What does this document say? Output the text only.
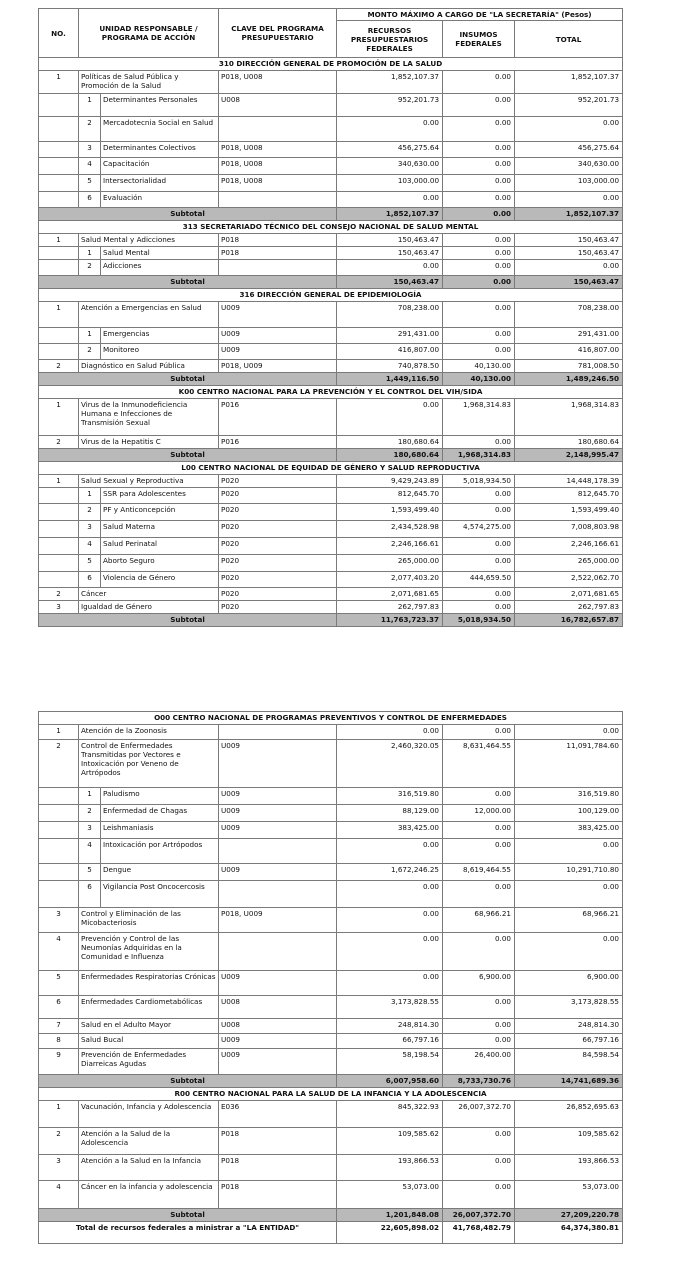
NO.	UNIDAD RESPONSABLE / PROGRAMA DE ACCIÓN		CLAVE DEL PROGRAMA PRESUPUESTARIO	MONTO MÁXIMO A CARGO DE "LA SECRETARÍA" (Pesos)		
				RECURSOS PRESUPUESTARIOS FEDERALES	INSUMOS FEDERALES	TOTAL
310 DIRECCIÓN GENERAL DE PROMOCIÓN DE LA SALUD						
1	Políticas de Salud Pública y Promoción de la Salud		P018, U008	1,852,107.37	0.00	1,852,107.37
	1	Determinantes Personales	U008	952,201.73	0.00	952,201.73
	2	Mercadotecnia Social en Salud		0.00	0.00	0.00
	3	Determinantes Colectivos	P018, U008	456,275.64	0.00	456,275.64
	4	Capacitación	P018, U008	340,630.00	0.00	340,630.00
	5	Intersectorialidad	P018, U008	103,000.00	0.00	103,000.00
	6	Evaluación		0.00	0.00	0.00
Subtotal				1,852,107.37	0.00	1,852,107.37
313 SECRETARIADO TÉCNICO DEL CONSEJO NACIONAL DE SALUD MENTAL						
1	Salud Mental y Adicciones		P018	150,463.47	0.00	150,463.47
	1	Salud Mental	P018	150,463.47	0.00	150,463.47
	2	Adicciones		0.00	0.00	0.00
Subtotal				150,463.47	0.00	150,463.47
316 DIRECCIÓN GENERAL DE EPIDEMIOLOGÍA						
1	Atención a Emergencias en Salud		U009	708,238.00	0.00	708,238.00
	1	Emergencias	U009	291,431.00	0.00	291,431.00
	2	Monitoreo	U009	416,807.00	0.00	416,807.00
2	Diagnóstico en Salud Pública		P018, U009	740,878.50	40,130.00	781,008.50
Subtotal				1,449,116.50	40,130.00	1,489,246.50
K00 CENTRO NACIONAL PARA LA PREVENCIÓN Y EL CONTROL DEL VIH/SIDA						
1	Virus de la Inmunodeficiencia Humana e Infecciones de Transmisión Sexual		P016	0.00	1,968,314.83	1,968,314.83
2	Virus de la Hepatitis C		P016	180,680.64	0.00	180,680.64
Subtotal				180,680.64	1,968,314.83	2,148,995.47
L00 CENTRO NACIONAL DE EQUIDAD DE GÉNERO Y SALUD REPRODUCTIVA						
1	Salud Sexual y Reproductiva		P020	9,429,243.89	5,018,934.50	14,448,178.39
	1	SSR para Adolescentes	P020	812,645.70	0.00	812,645.70
	2	PF y Anticoncepción	P020	1,593,499.40	0.00	1,593,499.40
	3	Salud Materna	P020	2,434,528.98	4,574,275.00	7,008,803.98
	4	Salud Perinatal	P020	2,246,166.61	0.00	2,246,166.61
	5	Aborto Seguro	P020	265,000.00	0.00	265,000.00
	6	Violencia de Género	P020	2,077,403.20	444,659.50	2,522,062.70
2	Cáncer		P020	2,071,681.65	0.00	2,071,681.65
3	Igualdad de Género		P020	262,797.83	0.00	262,797.83
Subtotal				11,763,723.37	5,018,934.50	16,782,657.87
O00 CENTRO NACIONAL DE PROGRAMAS PREVENTIVOS Y CONTROL DE ENFERMEDADES						
1	Atención de la Zoonosis			0.00	0.00	0.00
2	Control de Enfermedades Transmitidas por Vectores e Intoxicación por Veneno de Artrópodos		U009	2,460,320.05	8,631,464.55	11,091,784.60
	1	Paludismo	U009	316,519.80	0.00	316,519.80
	2	Enfermedad de Chagas	U009	88,129.00	12,000.00	100,129.00
	3	Leishmaniasis	U009	383,425.00	0.00	383,425.00
	4	Intoxicación por Artrópodos		0.00	0.00	0.00
	5	Dengue	U009	1,672,246.25	8,619,464.55	10,291,710.80
	6	Vigilancia Post Oncocercosis		0.00	0.00	0.00
3	Control y Eliminación de las Micobacteriosis		P018, U009	0.00	68,966.21	68,966.21
4	Prevención y Control de las Neumonías Adquiridas en la Comunidad e Influenza			0.00	0.00	0.00
5	Enfermedades Respiratorias Crónicas		U009	0.00	6,900.00	6,900.00
6	Enfermedades Cardiometabólicas		U008	3,173,828.55	0.00	3,173,828.55
7	Salud en el Adulto Mayor		U008	248,814.30	0.00	248,814.30
8	Salud Bucal		U009	66,797.16	0.00	66,797.16
9	Prevención de Enfermedades Diarreicas Agudas		U009	58,198.54	26,400.00	84,598.54
Subtotal				6,007,958.60	8,733,730.76	14,741,689.36
R00 CENTRO NACIONAL PARA LA SALUD DE LA INFANCIA Y LA ADOLESCENCIA						
1	Vacunación, Infancia y Adolescencia		E036	845,322.93	26,007,372.70	26,852,695.63
2	Atención a la Salud de la Adolescencia		P018	109,585.62	0.00	109,585.62
3	Atención a la Salud en la Infancia		P018	193,866.53	0.00	193,866.53
4	Cáncer en la infancia y adolescencia		P018	53,073.00	0.00	53,073.00
Subtotal				1,201,848.08	26,007,372.70	27,209,220.78
Total de recursos federales a ministrar a "LA ENTIDAD"				22,605,898.02	41,768,482.79	64,374,380.81
